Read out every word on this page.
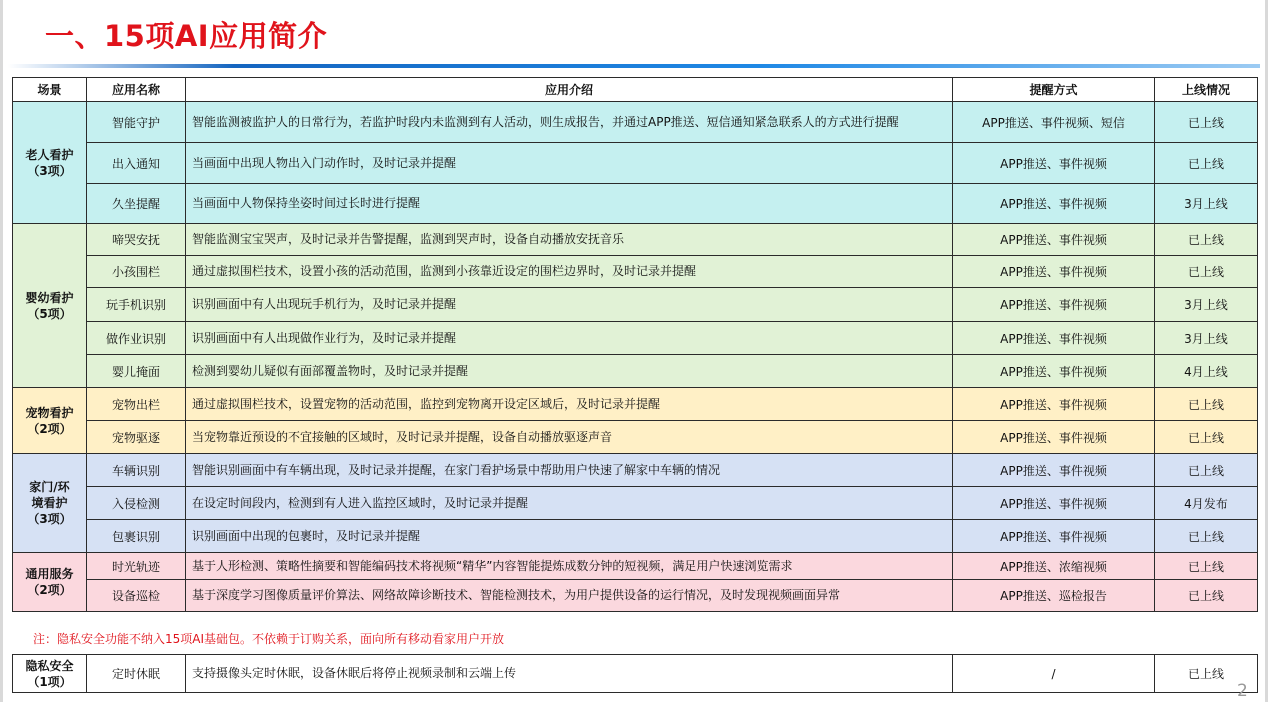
一、15项AI应用简介
场景	应用名称	应用介绍	提醒方式	上线情况
老人看护
（3项）	智能守护	智能监测被监护人的日常行为，若监护时段内未监测到有人活动，则生成报告，并通过APP推送、短信通知紧急联系人的方式进行提醒	APP推送、事件视频、短信	已上线
	出入通知	当画面中出现人物出入门动作时，及时记录并提醒	APP推送、事件视频	已上线
	久坐提醒	当画面中人物保持坐姿时间过长时进行提醒	APP推送、事件视频	3月上线
婴幼看护
（5项）	啼哭安抚	智能监测宝宝哭声，及时记录并告警提醒，监测到哭声时，设备自动播放安抚音乐	APP推送、事件视频	已上线
	小孩围栏	通过虚拟围栏技术，设置小孩的活动范围，监测到小孩靠近设定的围栏边界时，及时记录并提醒	APP推送、事件视频	已上线
	玩手机识别	识别画面中有人出现玩手机行为，及时记录并提醒	APP推送、事件视频	3月上线
	做作业识别	识别画面中有人出现做作业行为，及时记录并提醒	APP推送、事件视频	3月上线
	婴儿掩面	检测到婴幼儿疑似有面部覆盖物时，及时记录并提醒	APP推送、事件视频	4月上线
宠物看护
（2项）	宠物出栏	通过虚拟围栏技术，设置宠物的活动范围，监控到宠物离开设定区域后，及时记录并提醒	APP推送、事件视频	已上线
	宠物驱逐	当宠物靠近预设的不宜接触的区域时，及时记录并提醒，设备自动播放驱逐声音	APP推送、事件视频	已上线
家门/环
境看护
（3项）	车辆识别	智能识别画面中有车辆出现，及时记录并提醒，在家门看护场景中帮助用户快速了解家中车辆的情况	APP推送、事件视频	已上线
	入侵检测	在设定时间段内，检测到有人进入监控区域时，及时记录并提醒	APP推送、事件视频	4月发布
	包裹识别	识别画面中出现的包裹时，及时记录并提醒	APP推送、事件视频	已上线
通用服务
（2项）	时光轨迹	基于人形检测、策略性摘要和智能编码技术将视频“精华”内容智能提炼成数分钟的短视频，满足用户快速浏览需求	APP推送、浓缩视频	已上线
	设备巡检	基于深度学习图像质量评价算法、网络故障诊断技术、智能检测技术，为用户提供设备的运行情况，及时发现视频画面异常	APP推送、巡检报告	已上线
注：隐私安全功能不纳入15项AI基础包。不依赖于订购关系，面向所有移动看家用户开放
隐私安全
（1项）	定时休眠	支持摄像头定时休眠，设备休眠后将停止视频录制和云端上传	/	已上线
2
